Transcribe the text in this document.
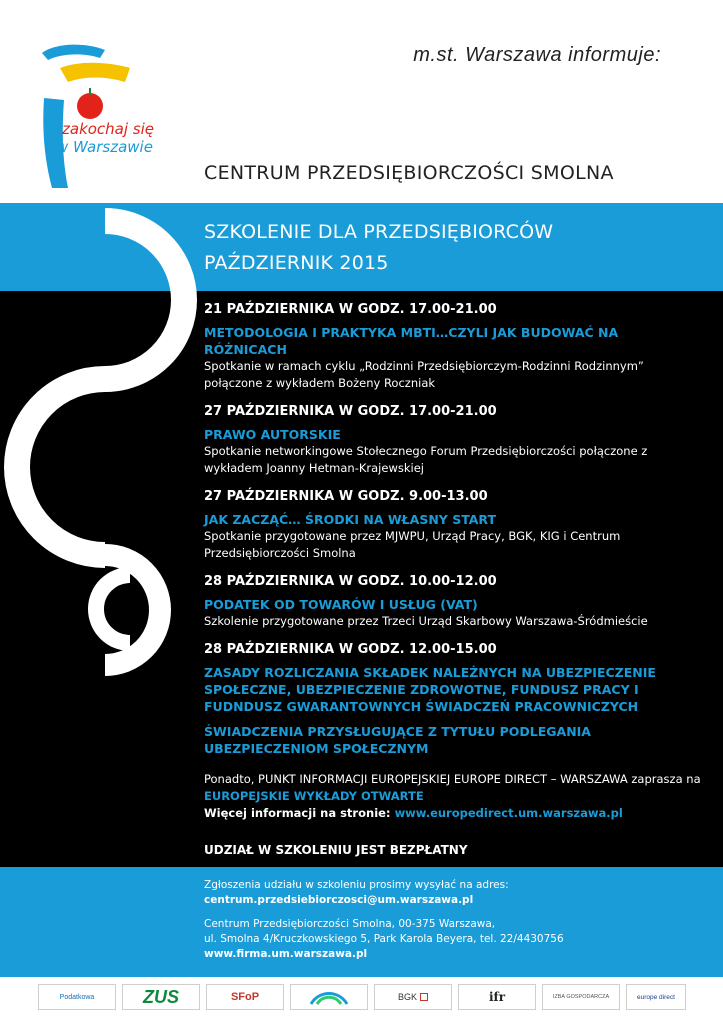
zakochaj się
w Warszawie
m.st. Warszawa informuje:
CENTRUM PRZEDSIĘBIORCZOŚCI SMOLNA
SZKOLENIE DLA PRZEDSIĘBIORCÓW
PAŹDZIERNIK 2015
21 PAŹDZIERNIKA W GODZ. 17.00-21.00
METODOLOGIA I PRAKTYKA MBTI…CZYLI JAK BUDOWAĆ NA RÓŻNICACH
Spotkanie w ramach cyklu „Rodzinni Przedsiębiorczym-Rodzinni Rodzinnym” połączone z wykładem Bożeny Roczniak
27 PAŹDZIERNIKA W GODZ. 17.00-21.00
PRAWO AUTORSKIE
Spotkanie networkingowe Stołecznego Forum Przedsiębiorczości połączone z wykładem Joanny Hetman-Krajewskiej
27 PAŹDZIERNIKA W GODZ. 9.00-13.00
JAK ZACZĄĆ… ŚRODKI NA WŁASNY START
Spotkanie przygotowane przez MJWPU, Urząd Pracy, BGK, KIG i Centrum Przedsiębiorczości Smolna
28 PAŹDZIERNIKA W GODZ. 10.00-12.00
PODATEK OD TOWARÓW I USŁUG (VAT)
Szkolenie przygotowane przez Trzeci Urząd Skarbowy Warszawa-Śródmieście
28 PAŹDZIERNIKA W GODZ. 12.00-15.00
ZASADY ROZLICZANIA SKŁADEK NALEŻNYCH NA UBEZPIECZENIE SPOŁECZNE, UBEZPIECZENIE ZDROWOTNE, FUNDUSZ PRACY I FUDNDUSZ GWARANTOWNYCH ŚWIADCZEŃ PRACOWNICZYCH
ŚWIADCZENIA PRZYSŁUGUJĄCE Z TYTUŁU PODLEGANIA UBEZPIECZENIOM SPOŁECZNYM
Ponadto, PUNKT INFORMACJI EUROPEJSKIEJ EUROPE DIRECT – WARSZAWA zaprasza na
EUROPEJSKIE WYKŁADY OTWARTE
Więcej informacji na stronie: www.europedirect.um.warszawa.pl
UDZIAŁ W SZKOLENIU JEST BEZPŁATNY
Zgłoszenia udziału w szkoleniu prosimy wysyłać na adres:
centrum.przedsiebiorczosci@um.warszawa.pl
Centrum Przedsiębiorczości Smolna, 00-375 Warszawa,
ul. Smolna 4/Kruczkowskiego 5, Park Karola Beyera, tel. 22/4430756
www.firma.um.warszawa.pl
Podatkowa	ZUS	SFoP	BGK	ifr	IZBA GOSPODARCZA	europe direct
